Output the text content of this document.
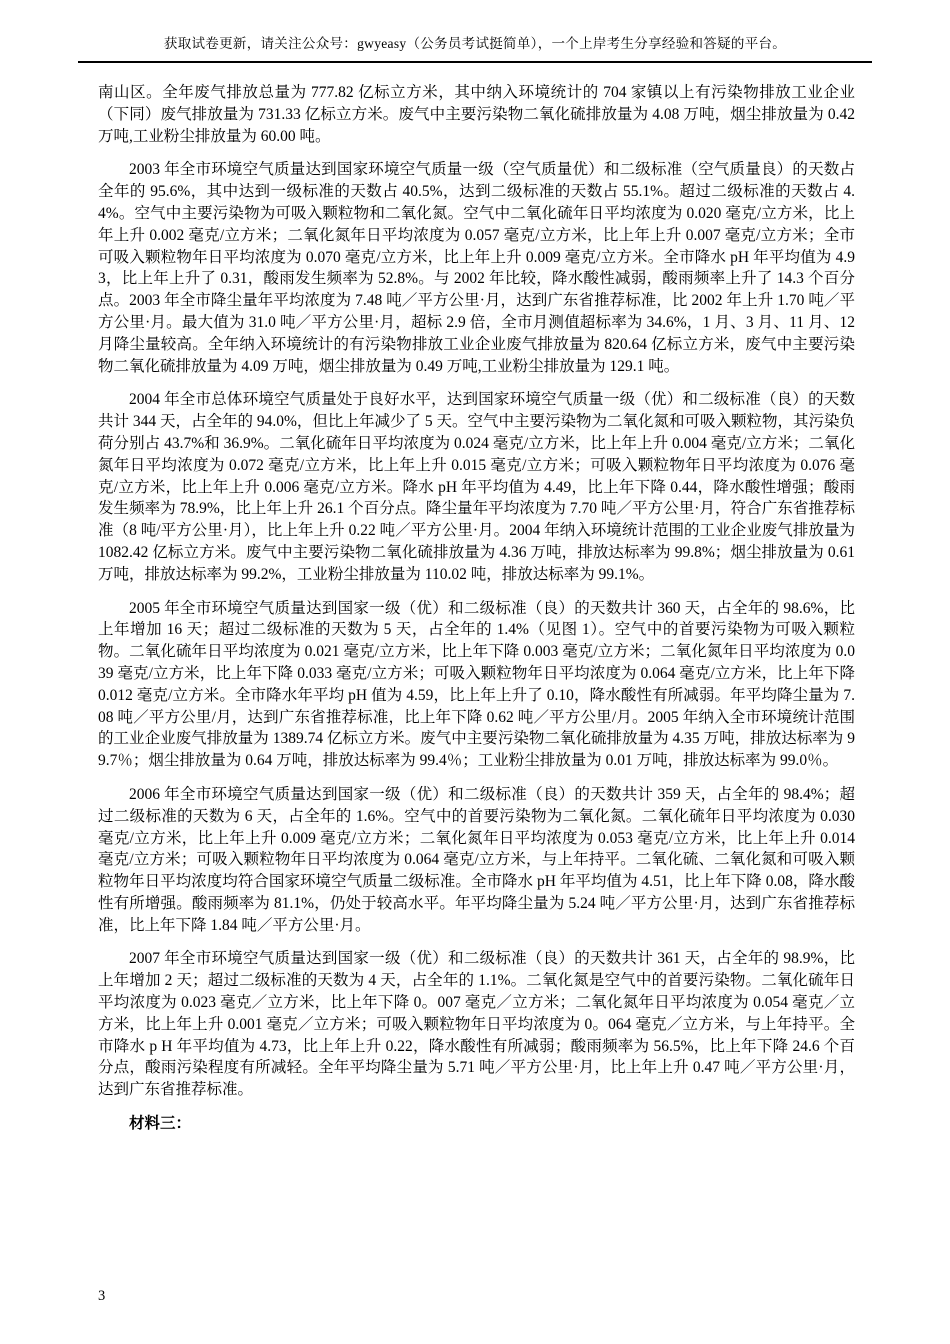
获取试卷更新，请关注公众号：gwyeasy（公务员考试挺简单），一个上岸考生分享经验和答疑的平台。

南山区。全年废气排放总量为 777.82 亿标立方米，其中纳入环境统计的 704 家镇以上有污染物排放工业企业（下同）废气排放量为 731.33 亿标立方米。废气中主要污染物二氧化硫排放量为 4.08 万吨，烟尘排放量为 0.42 万吨,工业粉尘排放量为 60.00 吨。

2003 年全市环境空气质量达到国家环境空气质量一级（空气质量优）和二级标准（空气质量良）的天数占全年的 95.6%，其中达到一级标准的天数占 40.5%，达到二级标准的天数占 55.1%。超过二级标准的天数占 4.4%。空气中主要污染物为可吸入颗粒物和二氧化氮。空气中二氧化硫年日平均浓度为 0.020 毫克/立方米，比上年上升 0.002 毫克/立方米；二氧化氮年日平均浓度为 0.057 毫克/立方米，比上年上升 0.007 毫克/立方米；全市可吸入颗粒物年日平均浓度为 0.070 毫克/立方米，比上年上升 0.009 毫克/立方米。全市降水 pH 年平均值为 4.93，比上年上升了 0.31，酸雨发生频率为 52.8%。与 2002 年比较，降水酸性减弱，酸雨频率上升了 14.3 个百分点。2003 年全市降尘量年平均浓度为 7.48 吨／平方公里·月，达到广东省推荐标准，比 2002 年上升 1.70 吨／平方公里·月。最大值为 31.0 吨／平方公里·月，超标 2.9 倍，全市月测值超标率为 34.6%，1 月、3 月、11 月、12 月降尘量较高。全年纳入环境统计的有污染物排放工业企业废气排放量为 820.64 亿标立方米，废气中主要污染物二氧化硫排放量为 4.09 万吨，烟尘排放量为 0.49 万吨,工业粉尘排放量为 129.1 吨。

2004 年全市总体环境空气质量处于良好水平，达到国家环境空气质量一级（优）和二级标准（良）的天数共计 344 天，占全年的 94.0%，但比上年减少了 5 天。空气中主要污染物为二氧化氮和可吸入颗粒物，其污染负荷分别占 43.7%和 36.9%。二氧化硫年日平均浓度为 0.024 毫克/立方米，比上年上升 0.004 毫克/立方米；二氧化氮年日平均浓度为 0.072 毫克/立方米，比上年上升 0.015 毫克/立方米；可吸入颗粒物年日平均浓度为 0.076 毫克/立方米，比上年上升 0.006 毫克/立方米。降水 pH 年平均值为 4.49，比上年下降 0.44，降水酸性增强；酸雨发生频率为 78.9%，比上年上升 26.1 个百分点。降尘量年平均浓度为 7.70 吨／平方公里·月，符合广东省推荐标准（8 吨/平方公里·月），比上年上升 0.22 吨／平方公里·月。2004 年纳入环境统计范围的工业企业废气排放量为 1082.42 亿标立方米。废气中主要污染物二氧化硫排放量为 4.36 万吨，排放达标率为 99.8%；烟尘排放量为 0.61 万吨，排放达标率为 99.2%，工业粉尘排放量为 110.02 吨，排放达标率为 99.1%。

2005 年全市环境空气质量达到国家一级（优）和二级标准（良）的天数共计 360 天，占全年的 98.6%，比上年增加 16 天；超过二级标准的天数为 5 天，占全年的 1.4%（见图 1）。空气中的首要污染物为可吸入颗粒物。二氧化硫年日平均浓度为 0.021 毫克/立方米，比上年下降 0.003 毫克/立方米；二氧化氮年日平均浓度为 0.039 毫克/立方米，比上年下降 0.033 毫克/立方米；可吸入颗粒物年日平均浓度为 0.064 毫克/立方米，比上年下降 0.012 毫克/立方米。全市降水年平均 pH 值为 4.59，比上年上升了 0.10，降水酸性有所减弱。年平均降尘量为 7.08 吨／平方公里/月，达到广东省推荐标准，比上年下降 0.62 吨／平方公里/月。2005 年纳入全市环境统计范围的工业企业废气排放量为 1389.74 亿标立方米。废气中主要污染物二氧化硫排放量为 4.35 万吨，排放达标率为 99.7％；烟尘排放量为 0.64 万吨，排放达标率为 99.4％；工业粉尘排放量为 0.01 万吨，排放达标率为 99.0％。

2006 年全市环境空气质量达到国家一级（优）和二级标准（良）的天数共计 359 天，占全年的 98.4%；超过二级标准的天数为 6 天，占全年的 1.6%。空气中的首要污染物为二氧化氮。二氧化硫年日平均浓度为 0.030 毫克/立方米，比上年上升 0.009 毫克/立方米；二氧化氮年日平均浓度为 0.053 毫克/立方米，比上年上升 0.014 毫克/立方米；可吸入颗粒物年日平均浓度为 0.064 毫克/立方米，与上年持平。二氧化硫、二氧化氮和可吸入颗粒物年日平均浓度均符合国家环境空气质量二级标准。全市降水 pH 年平均值为 4.51，比上年下降 0.08，降水酸性有所增强。酸雨频率为 81.1%，仍处于较高水平。年平均降尘量为 5.24 吨／平方公里·月，达到广东省推荐标准，比上年下降 1.84 吨／平方公里·月。

2007 年全市环境空气质量达到国家一级（优）和二级标准（良）的天数共计 361 天，占全年的 98.9%，比上年增加 2 天；超过二级标准的天数为 4 天，占全年的 1.1%。二氧化氮是空气中的首要污染物。二氧化硫年日平均浓度为 0.023 毫克／立方米，比上年下降 0。007 毫克／立方米；二氧化氮年日平均浓度为 0.054 毫克／立方米，比上年上升 0.001 毫克／立方米；可吸入颗粒物年日平均浓度为 0。064 毫克／立方米，与上年持平。全市降水 p H 年平均值为 4.73，比上年上升 0.22，降水酸性有所减弱；酸雨频率为 56.5%，比上年下降 24.6 个百分点，酸雨污染程度有所减轻。全年平均降尘量为 5.71 吨／平方公里·月，比上年上升 0.47 吨／平方公里·月，达到广东省推荐标准。

材料三：

3
